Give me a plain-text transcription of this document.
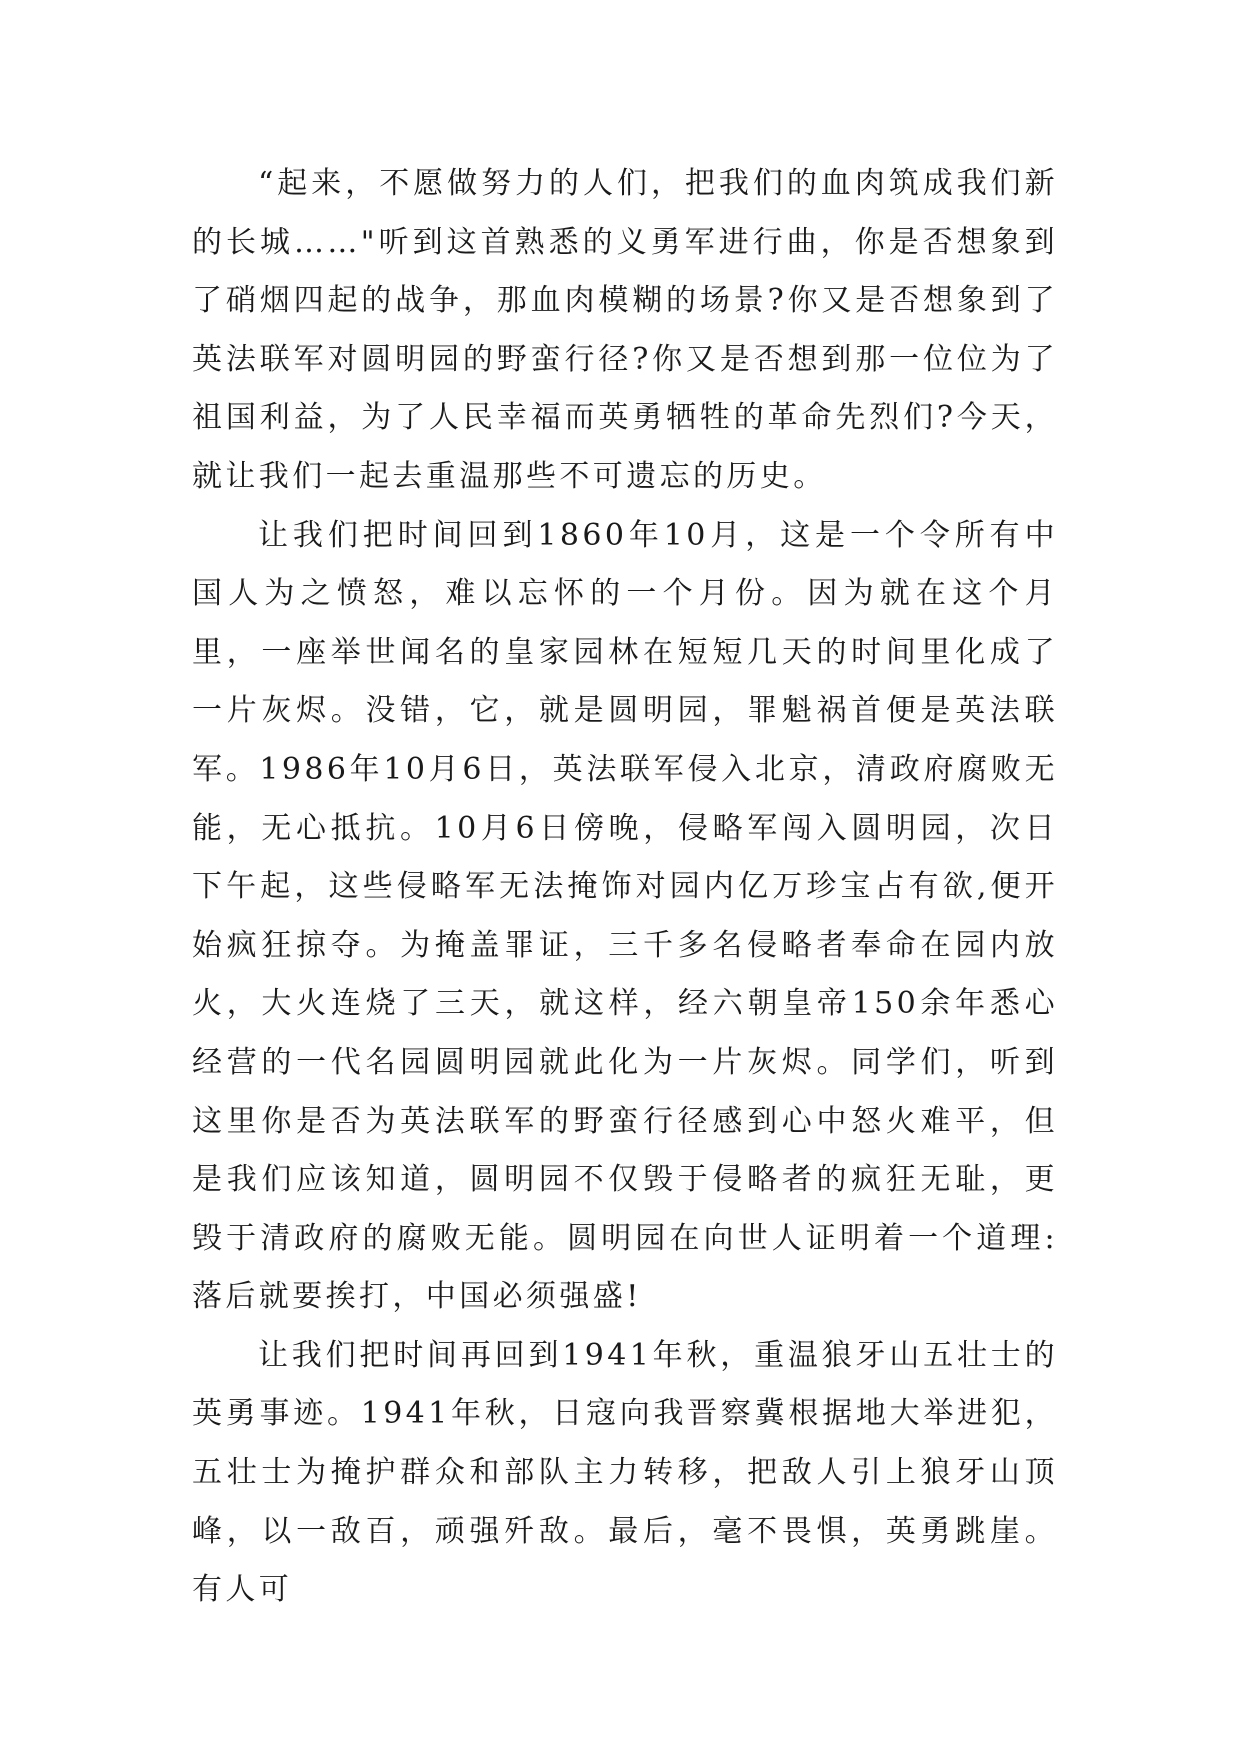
“起来，不愿做努力的人们，把我们的血肉筑成我们新的长城……"听到这首熟悉的义勇军进行曲，你是否想象到了硝烟四起的战争，那血肉模糊的场景?你又是否想象到了英法联军对圆明园的野蛮行径?你又是否想到那一位位为了祖国利益，为了人民幸福而英勇牺牲的革命先烈们?今天，就让我们一起去重温那些不可遗忘的历史。

让我们把时间回到1860年10月，这是一个令所有中国人为之愤怒，难以忘怀的一个月份。因为就在这个月里，一座举世闻名的皇家园林在短短几天的时间里化成了一片灰烬。没错，它，就是圆明园，罪魁祸首便是英法联军。1986年10月6日，英法联军侵入北京，清政府腐败无能，无心抵抗。10月6日傍晚，侵略军闯入圆明园，次日下午起，这些侵略军无法掩饰对园内亿万珍宝占有欲,便开始疯狂掠夺。为掩盖罪证，三千多名侵略者奉命在园内放火，大火连烧了三天，就这样，经六朝皇帝150余年悉心经营的一代名园圆明园就此化为一片灰烬。同学们，听到这里你是否为英法联军的野蛮行径感到心中怒火难平，但是我们应该知道，圆明园不仅毁于侵略者的疯狂无耻，更毁于清政府的腐败无能。圆明园在向世人证明着一个道理:落后就要挨打，中国必须强盛!

让我们把时间再回到1941年秋，重温狼牙山五壮士的英勇事迹。1941年秋，日寇向我晋察冀根据地大举进犯，五壮士为掩护群众和部队主力转移，把敌人引上狼牙山顶峰，以一敌百，顽强歼敌。最后，毫不畏惧，英勇跳崖。有人可
